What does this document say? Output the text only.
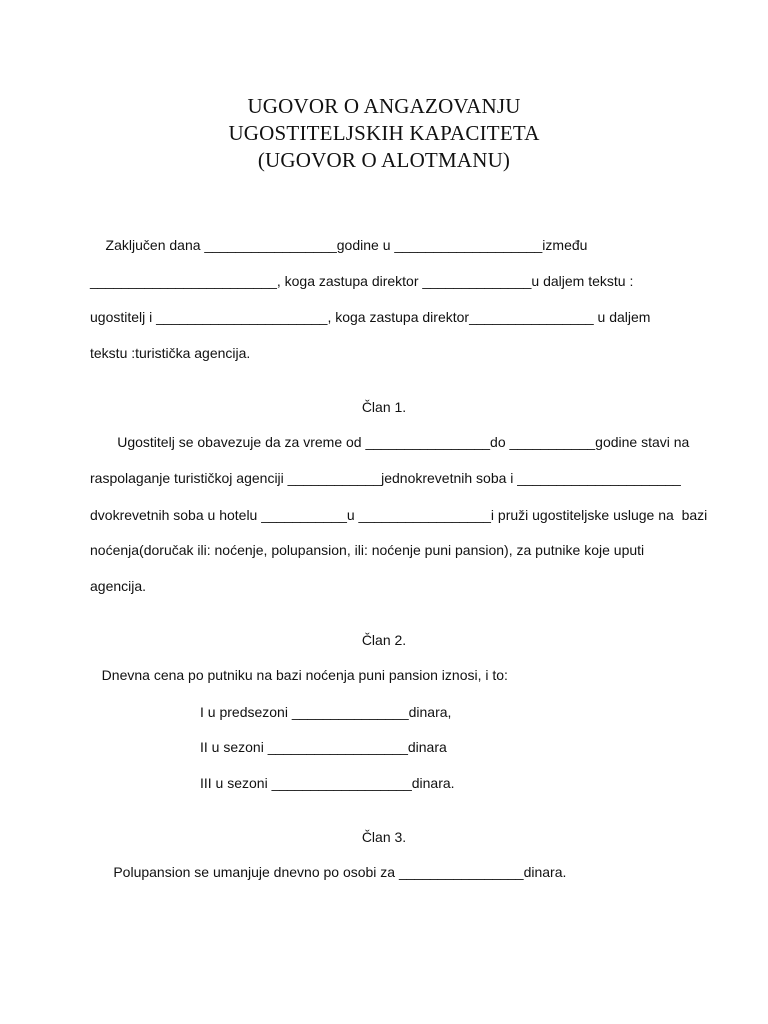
UGOVOR O ANGAZOVANJU
UGOSTITELJSKIH KAPACITETA
(UGOVOR O ALOTMANU)
Zaključen dana _________________godine u ___________________između
________________________, koga zastupa direktor ______________u daljem tekstu :
ugostitelj i ______________________, koga zastupa direktor________________ u daljem
tekstu :turistička agencija.
Član 1.
Ugostitelj se obavezuje da za vreme od ________________do ___________godine stavi na
raspolaganje turističkoj agenciji ____________jednokrevetnih soba i _____________________
dvokrevetnih soba u hotelu ___________u _________________i pruži ugostiteljske usluge na  bazi
noćenja(doručak ili: noćenje, polupansion, ili: noćenje puni pansion), za putnike koje uputi
agencija.
Član 2.
Dnevna cena po putniku na bazi noćenja puni pansion iznosi, i to:
I u predsezoni _______________dinara,
II u sezoni __________________dinara
III u sezoni __________________dinara.
Član 3.
Polupansion se umanjuje dnevno po osobi za ________________dinara.
